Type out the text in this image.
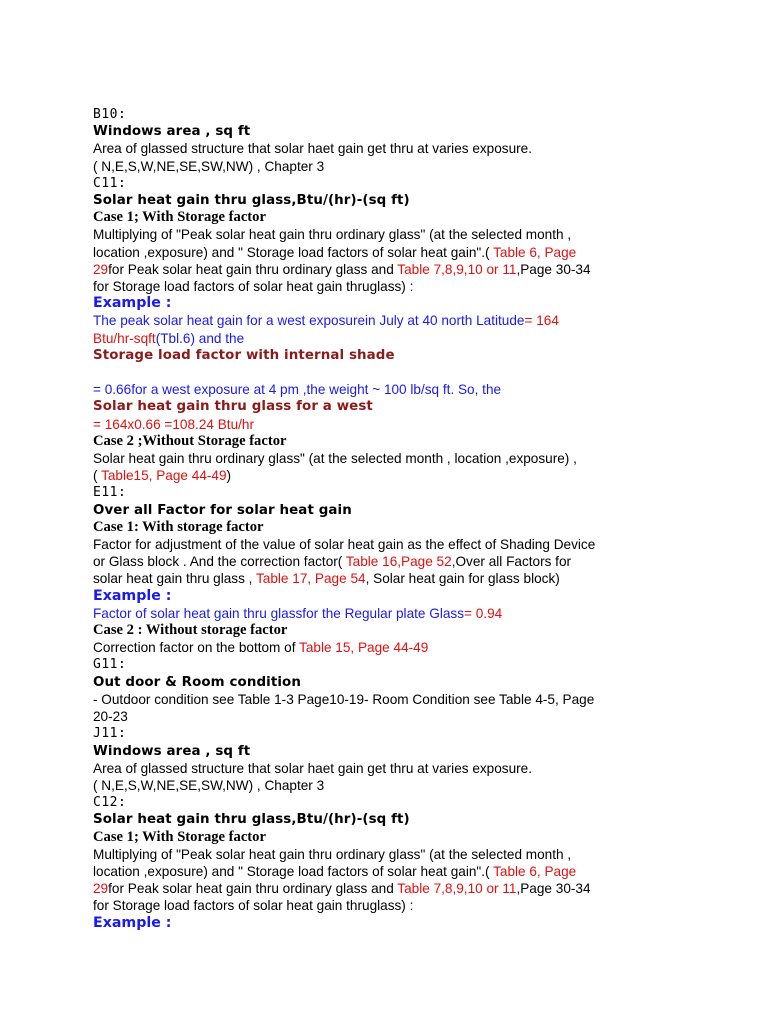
B10:
Windows area , sq ft
Area of glassed structure that solar haet gain get thru at varies exposure.
( N,E,S,W,NE,SE,SW,NW) , Chapter 3
C11:
Solar heat gain thru glass,Btu/(hr)-(sq ft)
Case 1; With Storage factor
Multiplying of "Peak solar heat gain thru ordinary glass" (at the selected month ,
location ,exposure) and " Storage load factors of solar heat gain".( Table 6, Page
29for Peak solar heat gain thru ordinary glass and Table 7,8,9,10 or 11,Page 30-34
for Storage load factors of solar heat gain thruglass) :
Example :
The peak solar heat gain for a west exposurein July at 40 north Latitude= 164
Btu/hr-sqft(Tbl.6) and the
Storage load factor with internal shade
= 0.66for a west exposure at 4 pm ,the weight ~ 100 lb/sq ft. So, the
Solar heat gain thru glass for a west
= 164x0.66 =108.24 Btu/hr
Case 2 ;Without Storage factor
Solar heat gain thru ordinary glass" (at the selected month , location ,exposure) ,
( Table15, Page 44-49)
E11:
Over all Factor for solar heat gain
Case 1: With storage factor
Factor for adjustment of the value of solar heat gain as the effect of Shading Device
or Glass block . And the correction factor( Table 16,Page 52,Over all Factors for
solar heat gain thru glass , Table 17, Page 54, Solar heat gain for glass block)
Example :
Factor of solar heat gain thru glassfor the Regular plate Glass= 0.94
Case 2 : Without storage factor
Correction factor on the bottom of Table 15, Page 44-49
G11:
Out door & Room condition
- Outdoor condition see Table 1-3 Page10-19- Room Condition see Table 4-5, Page
20-23
J11:
Windows area , sq ft
Area of glassed structure that solar haet gain get thru at varies exposure.
( N,E,S,W,NE,SE,SW,NW) , Chapter 3
C12:
Solar heat gain thru glass,Btu/(hr)-(sq ft)
Case 1; With Storage factor
Multiplying of "Peak solar heat gain thru ordinary glass" (at the selected month ,
location ,exposure) and " Storage load factors of solar heat gain".( Table 6, Page
29for Peak solar heat gain thru ordinary glass and Table 7,8,9,10 or 11,Page 30-34
for Storage load factors of solar heat gain thruglass) :
Example :
